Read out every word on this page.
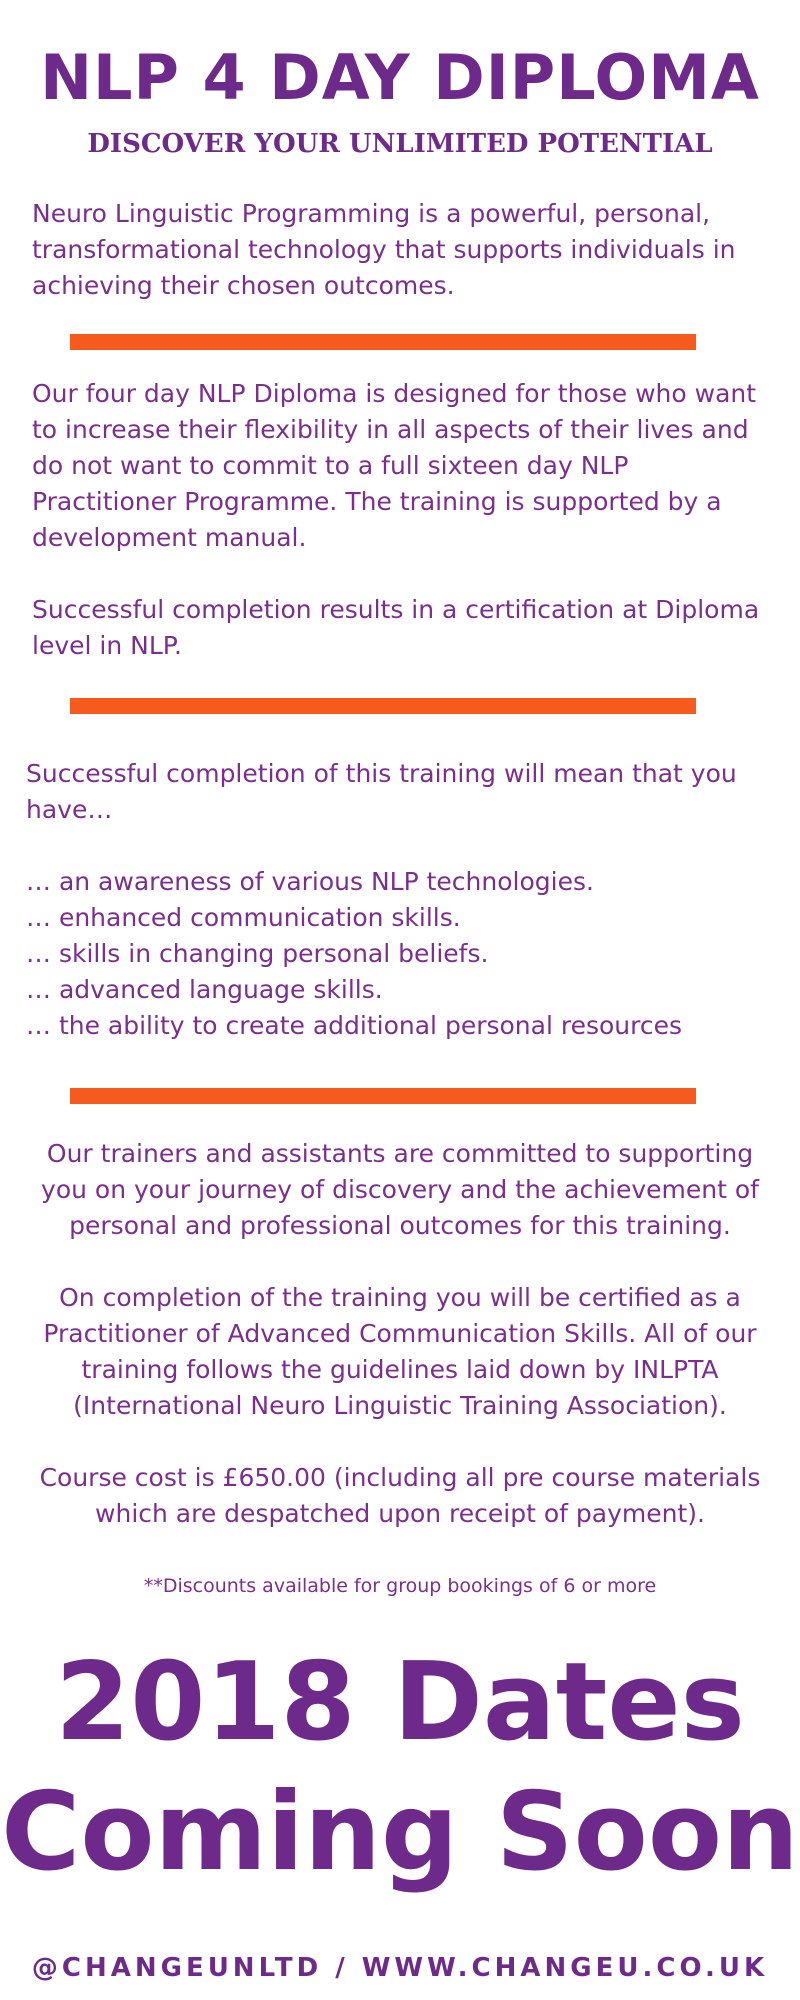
NLP 4 DAY DIPLOMA
DISCOVER YOUR UNLIMITED POTENTIAL

Neuro Linguistic Programming is a powerful, personal, transformational technology that supports individuals in achieving their chosen outcomes.

Our four day NLP Diploma is designed for those who want to increase their flexibility in all aspects of their lives and do not want to commit to a full sixteen day NLP Practitioner Programme. The training is supported by a development manual.

Successful completion results in a certification at Diploma level in NLP.

Successful completion of this training will mean that you have…

… an awareness of various NLP technologies.
… enhanced communication skills.
… skills in changing personal beliefs.
… advanced language skills.
… the ability to create additional personal resources

Our trainers and assistants are committed to supporting you on your journey of discovery and the achievement of personal and professional outcomes for this training.

On completion of the training you will be certified as a Practitioner of Advanced Communication Skills. All of our training follows the guidelines laid down by INLPTA (International Neuro Linguistic Training Association).

Course cost is £650.00 (including all pre course materials which are despatched upon receipt of payment).

**Discounts available for group bookings of 6 or more
2018 Dates
Coming Soon
@CHANGEUNLTD / WWW.CHANGEU.CO.UK
